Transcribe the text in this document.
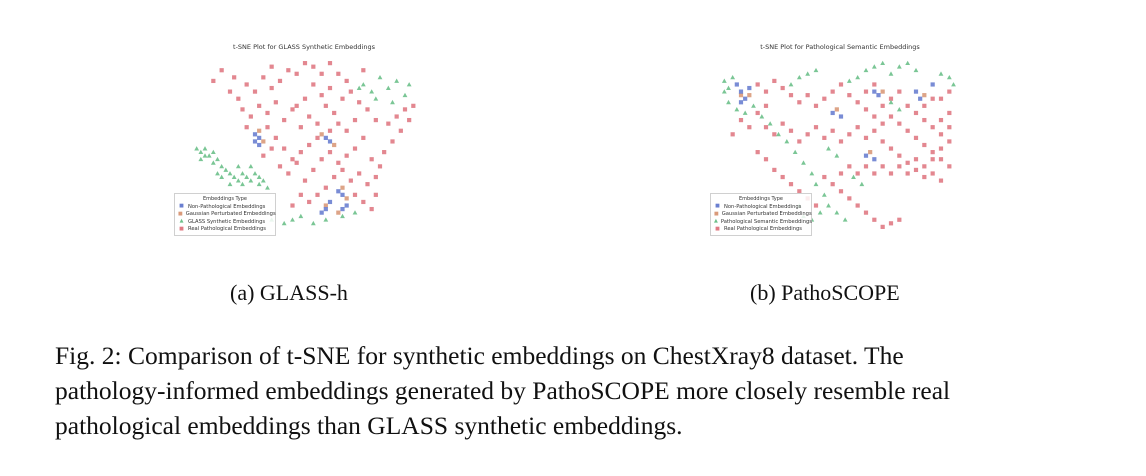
t-SNE Plot for GLASS Synthetic Embeddings
Embeddings Type
■ Non-Pathological Embeddings
■ Gaussian Perturbated Embeddings
▲ GLASS Synthetic Embeddings
■ Real Pathological Embeddings
t-SNE Plot for Pathological Semantic Embeddings
Embeddings Type
■ Non-Pathological Embeddings
■ Gaussian Perturbated Embeddings
▲ Pathological Semantic Embeddings
■ Real Pathological Embeddings
(a) GLASS-h	(b) PathoSCOPE
Fig. 2: Comparison of t-SNE for synthetic embeddings on ChestXray8 dataset. The
pathology-informed embeddings generated by PathoSCOPE more closely resemble real
pathological embeddings than GLASS synthetic embeddings.
